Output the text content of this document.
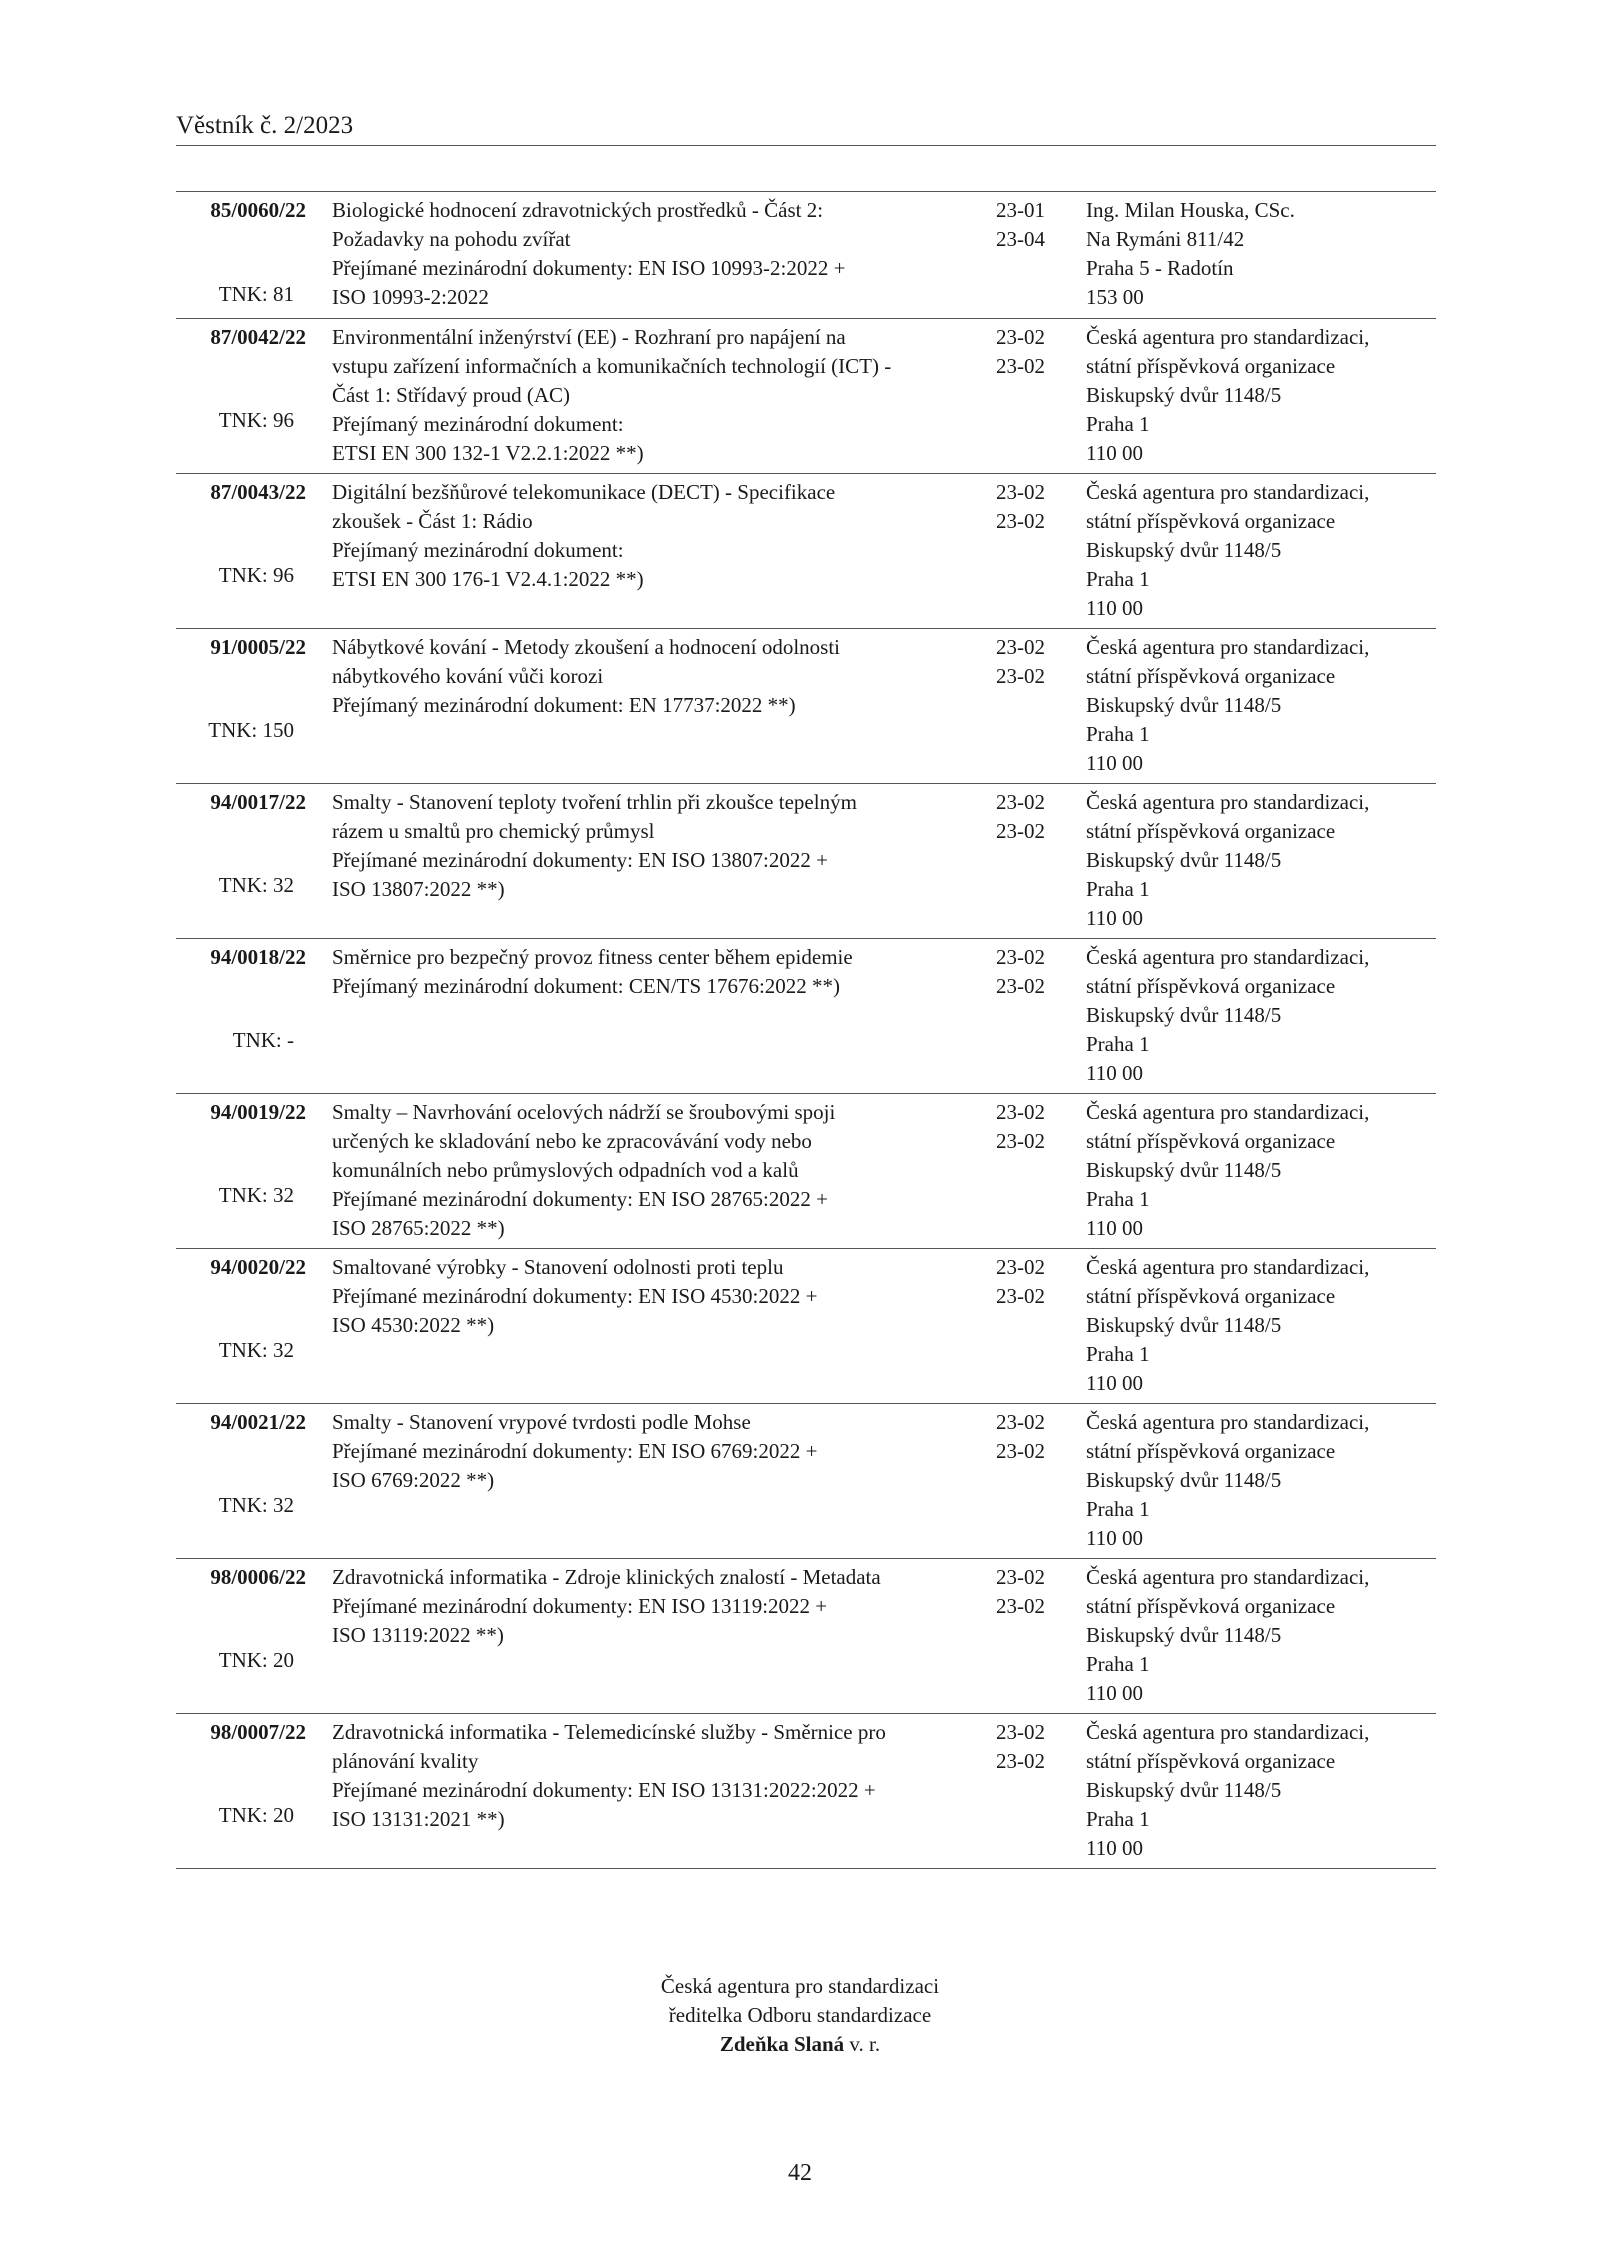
Věstník č. 2/2023
85/0060/22
TNK: 81
Biologické hodnocení zdravotnických prostředků - Část 2:
Požadavky na pohodu zvířat
Přejímané mezinárodní dokumenty: EN ISO 10993-2:2022 +
ISO 10993-2:2022
23-01
23-04
Ing. Milan Houska, CSc.
Na Rymáni 811/42
Praha 5 - Radotín
153 00
87/0042/22
TNK: 96
Environmentální inženýrství (EE) - Rozhraní pro napájení na
vstupu zařízení informačních a komunikačních technologií (ICT) -
Část 1: Střídavý proud (AC)
Přejímaný mezinárodní dokument:
ETSI EN 300 132-1 V2.2.1:2022 **)
23-02
23-02
Česká agentura pro standardizaci,
státní příspěvková organizace
Biskupský dvůr 1148/5
Praha 1
110 00
87/0043/22
TNK: 96
Digitální bezšňůrové telekomunikace (DECT) - Specifikace
zkoušek - Část 1: Rádio
Přejímaný mezinárodní dokument:
ETSI EN 300 176-1 V2.4.1:2022 **)
23-02
23-02
Česká agentura pro standardizaci,
státní příspěvková organizace
Biskupský dvůr 1148/5
Praha 1
110 00
91/0005/22
TNK: 150
Nábytkové kování - Metody zkoušení a hodnocení odolnosti
nábytkového kování vůči korozi
Přejímaný mezinárodní dokument: EN 17737:2022 **)
23-02
23-02
Česká agentura pro standardizaci,
státní příspěvková organizace
Biskupský dvůr 1148/5
Praha 1
110 00
94/0017/22
TNK: 32
Smalty - Stanovení teploty tvoření trhlin při zkoušce tepelným
rázem u smaltů pro chemický průmysl
Přejímané mezinárodní dokumenty: EN ISO 13807:2022 +
ISO 13807:2022 **)
23-02
23-02
Česká agentura pro standardizaci,
státní příspěvková organizace
Biskupský dvůr 1148/5
Praha 1
110 00
94/0018/22
TNK: -
Směrnice pro bezpečný provoz fitness center během epidemie
Přejímaný mezinárodní dokument: CEN/TS 17676:2022 **)
23-02
23-02
Česká agentura pro standardizaci,
státní příspěvková organizace
Biskupský dvůr 1148/5
Praha 1
110 00
94/0019/22
TNK: 32
Smalty – Navrhování ocelových nádrží se šroubovými spoji
určených ke skladování nebo ke zpracovávání vody nebo
komunálních nebo průmyslových odpadních vod a kalů
Přejímané mezinárodní dokumenty: EN ISO 28765:2022 +
ISO 28765:2022 **)
23-02
23-02
Česká agentura pro standardizaci,
státní příspěvková organizace
Biskupský dvůr 1148/5
Praha 1
110 00
94/0020/22
TNK: 32
Smaltované výrobky - Stanovení odolnosti proti teplu
Přejímané mezinárodní dokumenty: EN ISO 4530:2022 +
ISO 4530:2022 **)
23-02
23-02
Česká agentura pro standardizaci,
státní příspěvková organizace
Biskupský dvůr 1148/5
Praha 1
110 00
94/0021/22
TNK: 32
Smalty - Stanovení vrypové tvrdosti podle Mohse
Přejímané mezinárodní dokumenty: EN ISO 6769:2022 +
ISO 6769:2022 **)
23-02
23-02
Česká agentura pro standardizaci,
státní příspěvková organizace
Biskupský dvůr 1148/5
Praha 1
110 00
98/0006/22
TNK: 20
Zdravotnická informatika - Zdroje klinických znalostí - Metadata
Přejímané mezinárodní dokumenty: EN ISO 13119:2022 +
ISO 13119:2022 **)
23-02
23-02
Česká agentura pro standardizaci,
státní příspěvková organizace
Biskupský dvůr 1148/5
Praha 1
110 00
98/0007/22
TNK: 20
Zdravotnická informatika - Telemedicínské služby - Směrnice pro
plánování kvality
Přejímané mezinárodní dokumenty: EN ISO 13131:2022:2022 +
ISO 13131:2021 **)
23-02
23-02
Česká agentura pro standardizaci,
státní příspěvková organizace
Biskupský dvůr 1148/5
Praha 1
110 00
Česká agentura pro standardizaci
ředitelka Odboru standardizace
Zdeňka Slaná v. r.
42
